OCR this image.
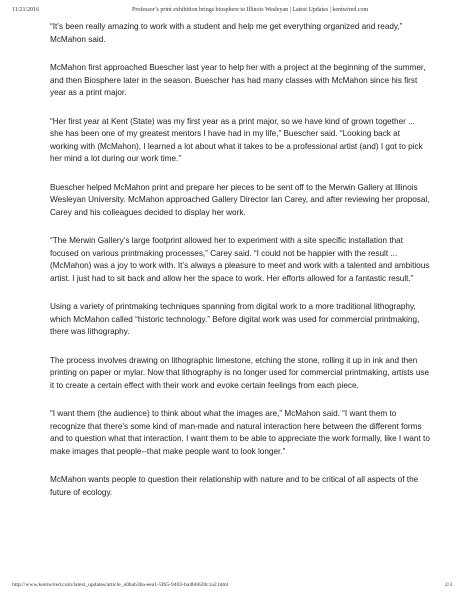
11/21/2016	Professor’s print exhibition brings biosphere to Illinois Wesleyan | Latest Updates | kentwired.com

“It’s been really amazing to work with a student and help me get everything organized and ready,” McMahon said.

McMahon first approached Buescher last year to help her with a project at the beginning of the summer, and then Biosphere later in the season. Buescher has had many classes with McMahon since his first year as a print major.

“Her first year at Kent (State) was my first year as a print major, so we have kind of grown together ... she has been one of my greatest mentors I have had in my life,” Buescher said. “Looking back at working with (McMahon), I learned a lot about what it takes to be a professional artist (and) I got to pick her mind a lot during our work time.”

Buescher helped McMahon print and prepare her pieces to be sent off to the Merwin Gallery at Illinois Wesleyan University. McMahon approached Gallery Director Ian Carey, and after reviewing her proposal, Carey and his colleagues decided to display her work.

“The Merwin Gallery’s large footprint allowed her to experiment with a site specific installation that focused on various printmaking processes,” Carey said. “I could not be happier with the result ... (McMahon) was a joy to work with. It’s always a pleasure to meet and work with a talented and ambitious artist. I just had to sit back and allow her the space to work. Her efforts allowed for a fantastic result.”

Using a variety of printmaking techniques spanning from digital work to a more traditional lithography, which McMahon called “historic technology.” Before digital work was used for commercial printmaking, there was lithography.

The process involves drawing on lithographic limestone, etching the stone, rolling it up in ink and then printing on paper or mylar. Now that lithography is no longer used for commercial printmaking, artists use it to create a certain effect with their work and evoke certain feelings from each piece.

“I want them (the audience) to think about what the images are,” McMahon said. “I want them to recognize that there’s some kind of man-made and natural interaction here between the different forms and to question what that interaction. I want them to be able to appreciate the work formally, like I want to make images that people--that make people want to look longer.”

McMahon wants people to question their relationship with nature and to be critical of all aspects of the future of ecology.

http://www.kentwired.com/latest_updates/article_a0bab3ba-eea1-5fb5-9403-ba4b6620c1a2.html	2/3
